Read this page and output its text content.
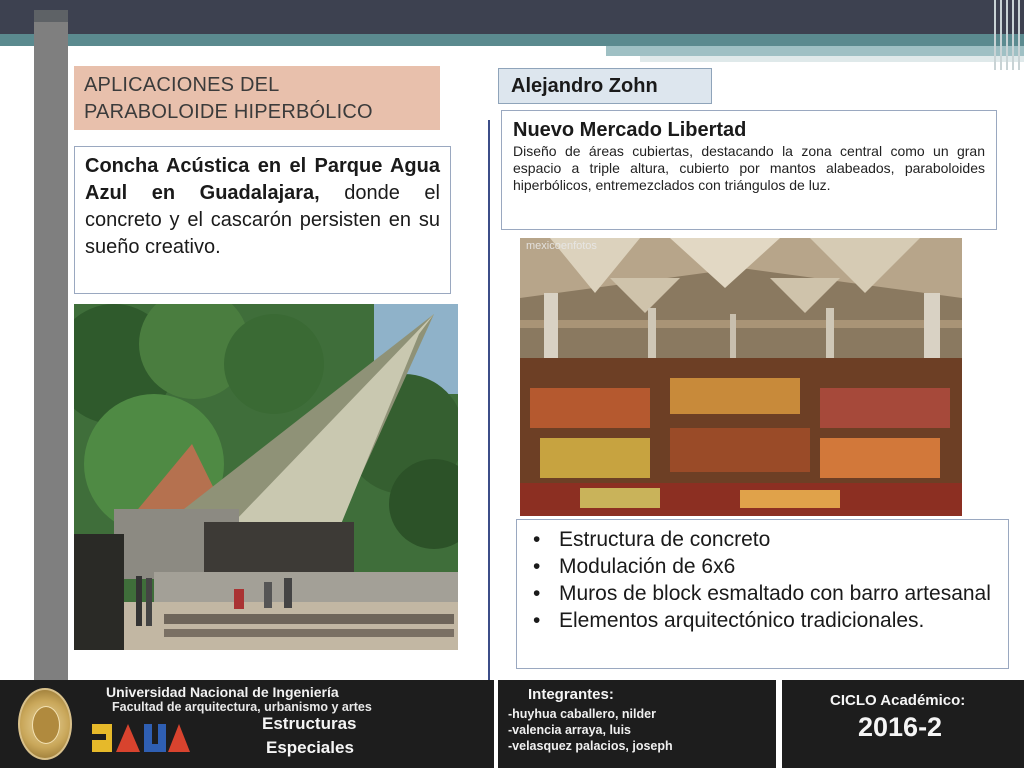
APLICACIONES DEL
PARABOLOIDE HIPERBÓLICO
Alejandro Zohn
Concha Acústica en el Parque Agua Azul en Guadalajara, donde el concreto y el cascarón persisten en su sueño creativo.
Nuevo Mercado Libertad
Diseño de áreas cubiertas, destacando la zona central como un gran espacio a triple altura, cubierto por mantos alabeados, paraboloides hiperbólicos, entremezclados con triángulos de luz.
mexicoenfotos
• Estructura de concreto
• Modulación de 6x6
• Muros de block esmaltado con barro artesanal
• Elementos arquitectónico tradicionales.
Universidad Nacional de Ingeniería
Facultad de arquitectura, urbanismo y artes
Estructuras
Especiales
Integrantes:
-huyhua caballero, nilder
-valencia arraya, luis
-velasquez palacios, joseph
CICLO Académico:
2016-2
